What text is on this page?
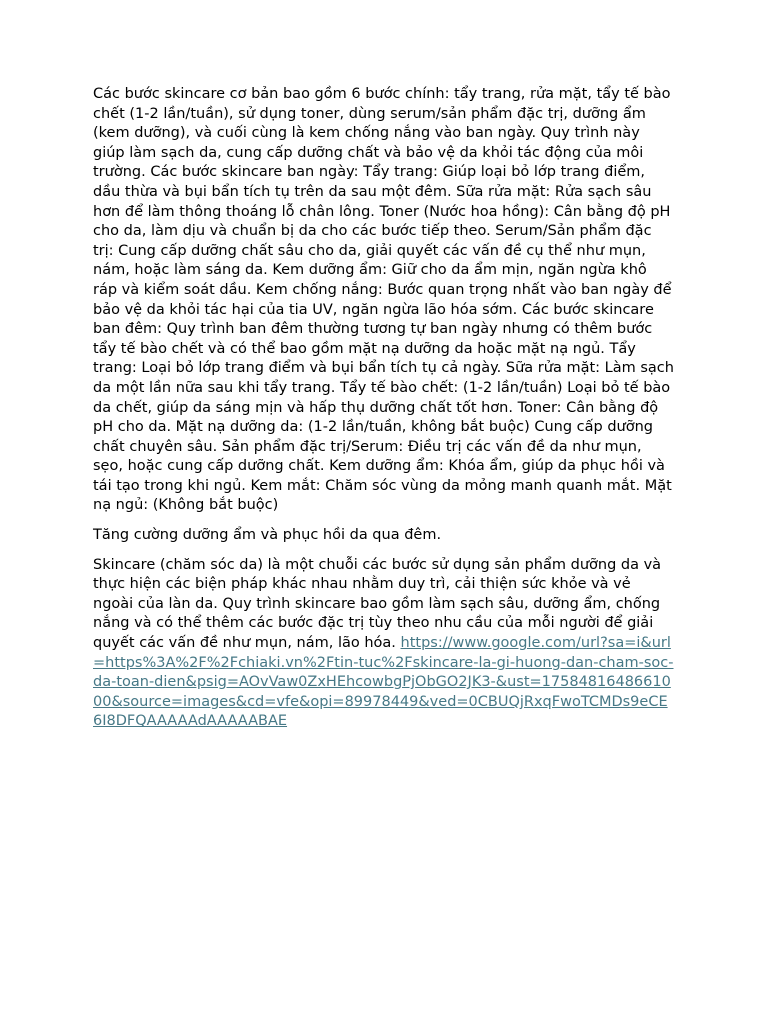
Các bước skincare cơ bản bao gồm 6 bước chính: tẩy trang, rửa mặt, tẩy tế bào chết (1-2 lần/tuần), sử dụng toner, dùng serum/sản phẩm đặc trị, dưỡng ẩm (kem dưỡng), và cuối cùng là kem chống nắng vào ban ngày. Quy trình này giúp làm sạch da, cung cấp dưỡng chất và bảo vệ da khỏi tác động của môi trường. Các bước skincare ban ngày: Tẩy trang: Giúp loại bỏ lớp trang điểm, dầu thừa và bụi bẩn tích tụ trên da sau một đêm. Sữa rửa mặt: Rửa sạch sâu hơn để làm thông thoáng lỗ chân lông. Toner (Nước hoa hồng): Cân bằng độ pH cho da, làm dịu và chuẩn bị da cho các bước tiếp theo. Serum/Sản phẩm đặc trị: Cung cấp dưỡng chất sâu cho da, giải quyết các vấn đề cụ thể như mụn, nám, hoặc làm sáng da. Kem dưỡng ẩm: Giữ cho da ẩm mịn, ngăn ngừa khô ráp và kiểm soát dầu. Kem chống nắng: Bước quan trọng nhất vào ban ngày để bảo vệ da khỏi tác hại của tia UV, ngăn ngừa lão hóa sớm. Các bước skincare ban đêm: Quy trình ban đêm thường tương tự ban ngày nhưng có thêm bước tẩy tế bào chết và có thể bao gồm mặt nạ dưỡng da hoặc mặt nạ ngủ. Tẩy trang: Loại bỏ lớp trang điểm và bụi bẩn tích tụ cả ngày. Sữa rửa mặt: Làm sạch da một lần nữa sau khi tẩy trang. Tẩy tế bào chết: (1-2 lần/tuần) Loại bỏ tế bào da chết, giúp da sáng mịn và hấp thụ dưỡng chất tốt hơn. Toner: Cân bằng độ pH cho da. Mặt nạ dưỡng da: (1-2 lần/tuần, không bắt buộc) Cung cấp dưỡng chất chuyên sâu. Sản phẩm đặc trị/Serum: Điều trị các vấn đề da như mụn, sẹo, hoặc cung cấp dưỡng chất. Kem dưỡng ẩm: Khóa ẩm, giúp da phục hồi và tái tạo trong khi ngủ. Kem mắt: Chăm sóc vùng da mỏng manh quanh mắt. Mặt nạ ngủ: (Không bắt buộc)

Tăng cường dưỡng ẩm và phục hồi da qua đêm.

Skincare (chăm sóc da) là một chuỗi các bước sử dụng sản phẩm dưỡng da và thực hiện các biện pháp khác nhau nhằm duy trì, cải thiện sức khỏe và vẻ ngoài của làn da. Quy trình skincare bao gồm làm sạch sâu, dưỡng ẩm, chống nắng và có thể thêm các bước đặc trị tùy theo nhu cầu của mỗi người để giải quyết các vấn đề như mụn, nám, lão hóa. https://www.google.com/url?sa=i&url=https%3A%2F%2Fchiaki.vn%2Ftin-tuc%2Fskincare-la-gi-huong-dan-cham-soc-da-toan-dien&psig=AOvVaw0ZxHEhcowbgPjObGO2JK3-&ust=1758481648661000&source=images&cd=vfe&opi=89978449&ved=0CBUQjRxqFwoTCMDs9eCE6I8DFQAAAAAdAAAAABAE
